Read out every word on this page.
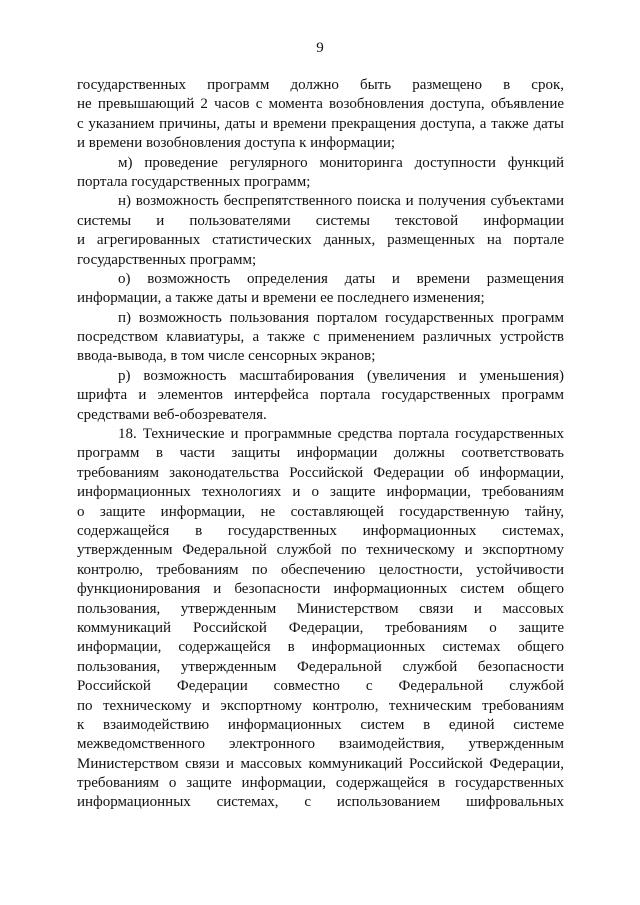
9
государственных программ должно быть размещено в срок,
не превышающий 2 часов с момента возобновления доступа, объявление
с указанием причины, даты и времени прекращения доступа, а также даты
и времени возобновления доступа к информации;
м) проведение регулярного мониторинга доступности функций
портала государственных программ;
н) возможность беспрепятственного поиска и получения субъектами
системы и пользователями системы текстовой информации
и агрегированных статистических данных, размещенных на портале
государственных программ;
о) возможность определения даты и времени размещения
информации, а также даты и времени ее последнего изменения;
п) возможность пользования порталом государственных программ
посредством клавиатуры, а также с применением различных устройств
ввода-вывода, в том числе сенсорных экранов;
р) возможность масштабирования (увеличения и уменьшения)
шрифта и элементов интерфейса портала государственных программ
средствами веб-обозревателя.
18. Технические и программные средства портала государственных
программ в части защиты информации должны соответствовать
требованиям законодательства Российской Федерации об информации,
информационных технологиях и о защите информации, требованиям
о защите информации, не составляющей государственную тайну,
содержащейся в государственных информационных системах,
утвержденным Федеральной службой по техническому и экспортному
контролю, требованиям по обеспечению целостности, устойчивости
функционирования и безопасности информационных систем общего
пользования, утвержденным Министерством связи и массовых
коммуникаций Российской Федерации, требованиям о защите
информации, содержащейся в информационных системах общего
пользования, утвержденным Федеральной службой безопасности
Российской Федерации совместно с Федеральной службой
по техническому и экспортному контролю, техническим требованиям
к взаимодействию информационных систем в единой системе
межведомственного электронного взаимодействия, утвержденным
Министерством связи и массовых коммуникаций Российской Федерации,
требованиям о защите информации, содержащейся в государственных
информационных системах, с использованием шифровальных
